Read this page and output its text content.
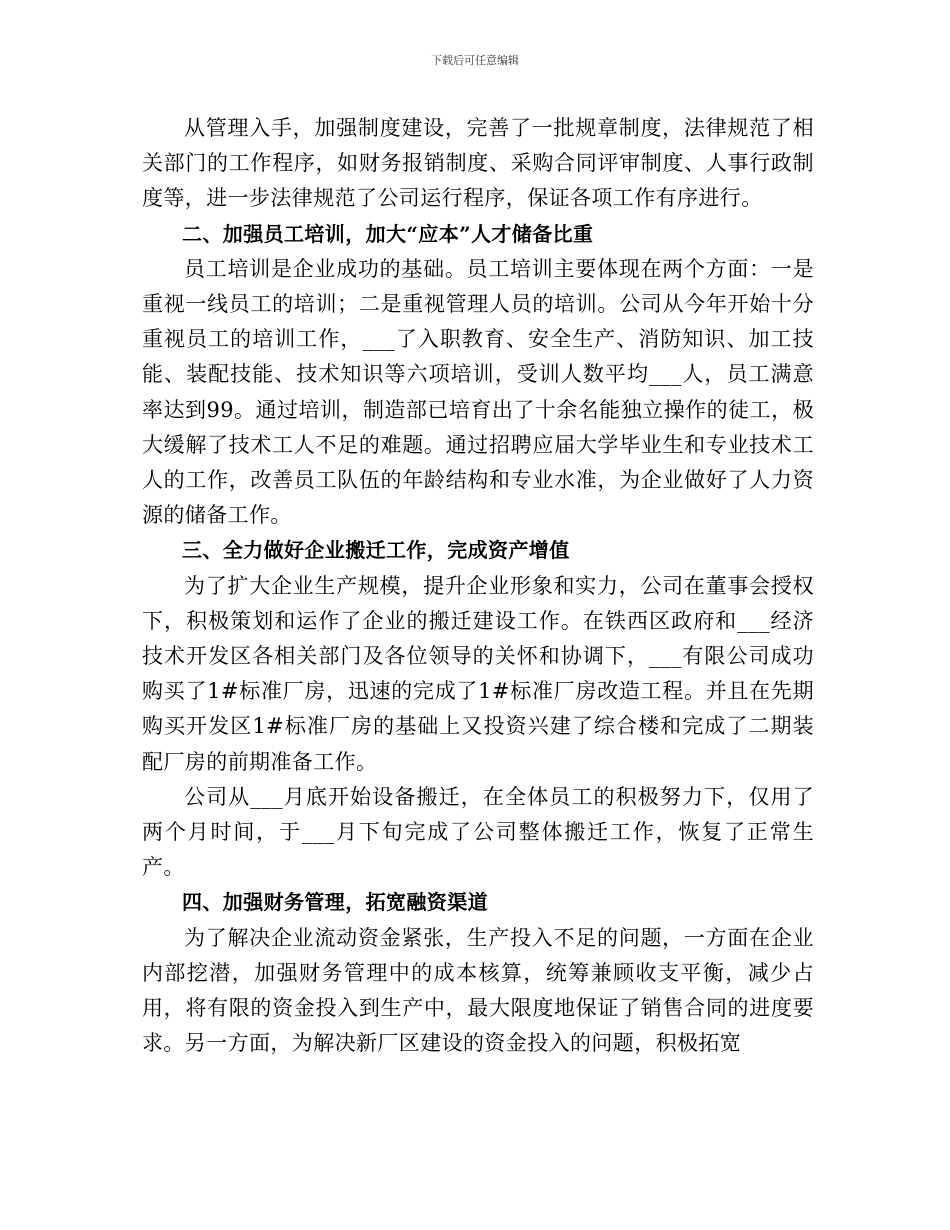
下载后可任意编辑

从管理入手，加强制度建设，完善了一批规章制度，法律规范了相关部门的工作程序，如财务报销制度、采购合同评审制度、人事行政制度等，进一步法律规范了公司运行程序，保证各项工作有序进行。

二、加强员工培训，加大“应本”人才储备比重

员工培训是企业成功的基础。员工培训主要体现在两个方面：一是重视一线员工的培训；二是重视管理人员的培训。公司从今年开始十分重视员工的培训工作，___了入职教育、安全生产、消防知识、加工技能、装配技能、技术知识等六项培训，受训人数平均___人，员工满意率达到99。通过培训，制造部已培育出了十余名能独立操作的徒工，极大缓解了技术工人不足的难题。通过招聘应届大学毕业生和专业技术工人的工作，改善员工队伍的年龄结构和专业水准，为企业做好了人力资源的储备工作。

三、全力做好企业搬迁工作，完成资产增值

为了扩大企业生产规模，提升企业形象和实力，公司在董事会授权下，积极策划和运作了企业的搬迁建设工作。在铁西区政府和___经济技术开发区各相关部门及各位领导的关怀和协调下，___有限公司成功购买了1#标准厂房，迅速的完成了1#标准厂房改造工程。并且在先期购买开发区1#标准厂房的基础上又投资兴建了综合楼和完成了二期装配厂房的前期准备工作。

公司从___月底开始设备搬迁，在全体员工的积极努力下，仅用了两个月时间，于___月下旬完成了公司整体搬迁工作，恢复了正常生产。

四、加强财务管理，拓宽融资渠道

为了解决企业流动资金紧张，生产投入不足的问题，一方面在企业内部挖潜，加强财务管理中的成本核算，统筹兼顾收支平衡，减少占用，将有限的资金投入到生产中，最大限度地保证了销售合同的进度要求。另一方面，为解决新厂区建设的资金投入的问题，积极拓宽
